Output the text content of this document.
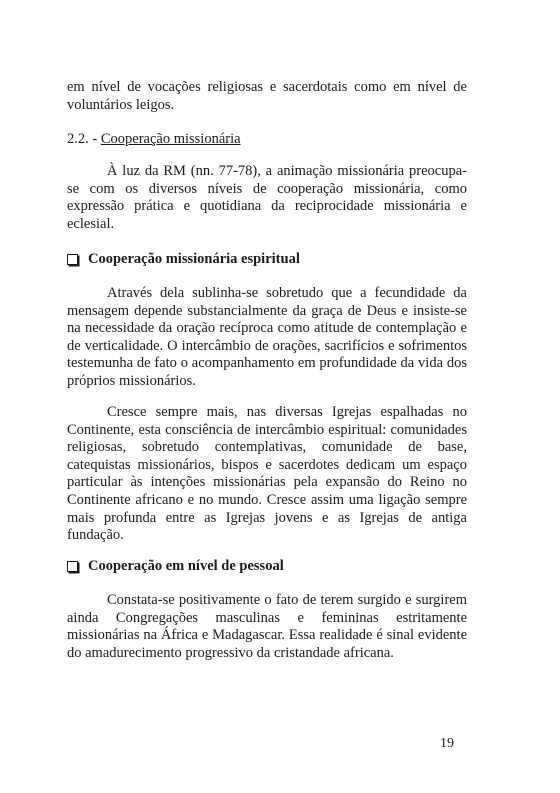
em nível de vocações religiosas e sacerdotais como em nível de voluntários leigos.

2.2. - Cooperação missionária

À luz da RM (nn. 77-78), a animação missionária preocupa-se com os diversos níveis de cooperação missionária, como expressão prática e quotidiana da reciprocidade missionária e eclesial.

Cooperação missionária espiritual

Através dela sublinha-se sobretudo que a fecundidade da mensagem depende substancialmente da graça de Deus e insiste-se na necessidade da oração recíproca como atitude de contemplação e de verticalidade. O intercâmbio de orações, sacrifícios e sofrimentos testemunha de fato o acompanhamento em profundidade da vida dos próprios missionários.

Cresce sempre mais, nas diversas Igrejas espalhadas no Continente, esta consciência de intercâmbio espiritual: comunidades religiosas, sobretudo contemplativas, comunidade de base, catequistas missionários, bispos e sacerdotes dedicam um espaço particular às intenções missionárias pela expansão do Reino no Continente africano e no mundo. Cresce assim uma ligação sempre mais profunda entre as Igrejas jovens e as Igrejas de antiga fundação.

Cooperação em nível de pessoal

Constata-se positivamente o fato de terem surgido e surgirem ainda Congregações masculinas e femininas estritamente missionárias na África e Madagascar. Essa realidade é sinal evidente do amadurecimento progressivo da cristandade africana.

19
